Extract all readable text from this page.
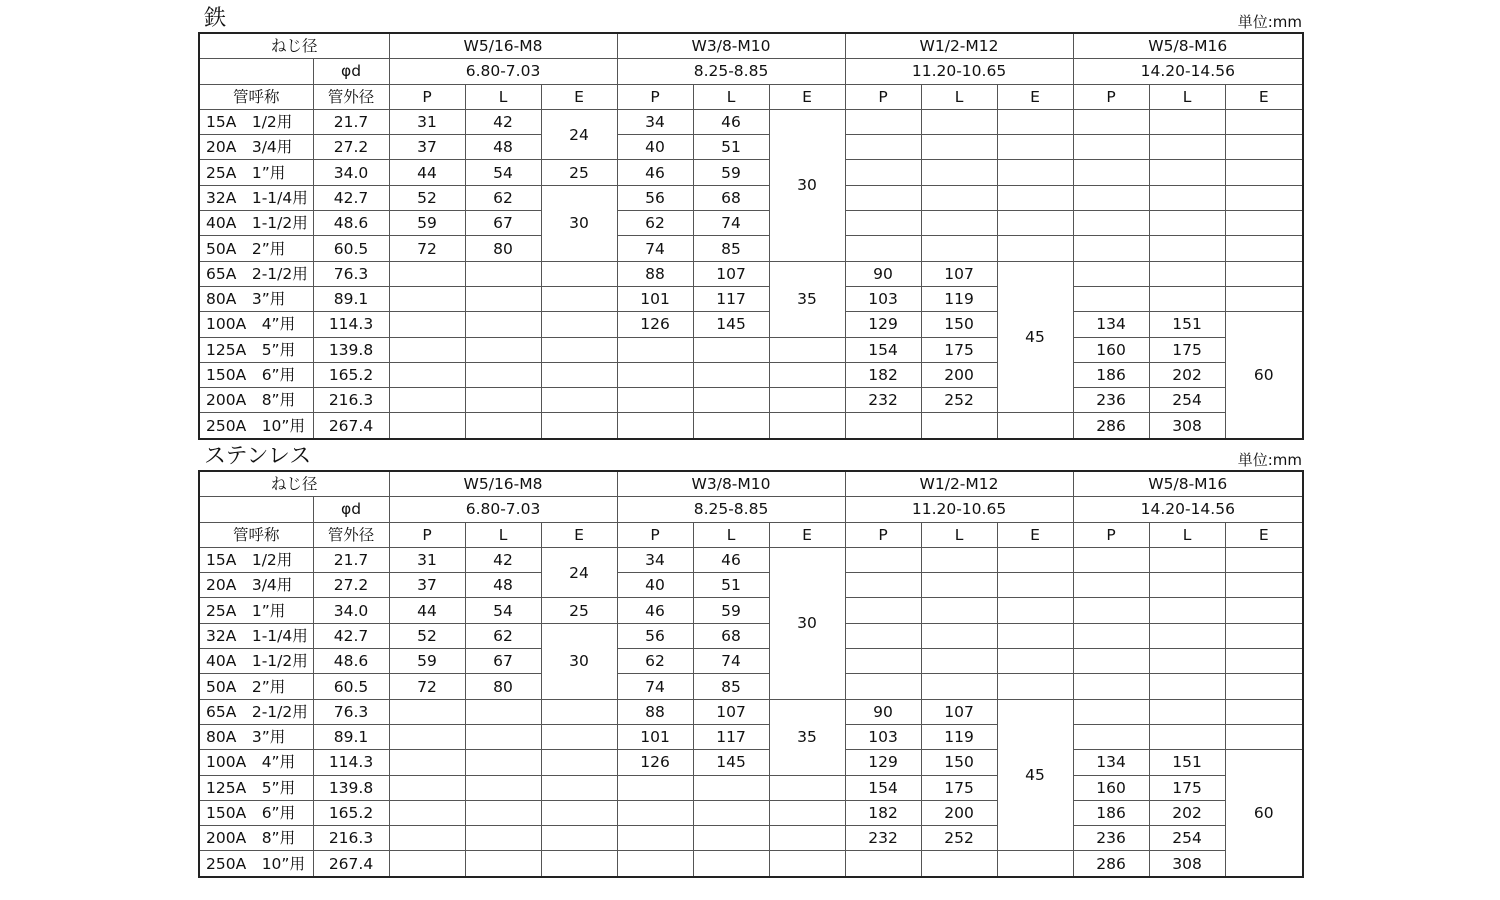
鉄	単位:mm
ねじ径		W5/16-M8			W3/8-M10			W1/2-M12			W5/8-M16		
	φd	6.80-7.03			8.25-8.85			11.20-10.65			14.20-14.56		
管呼称	管外径	P	L	E	P	L	E	P	L	E	P	L	E
15A　1/2用	21.7	31	42	24	34	46	30						
20A　3/4用	27.2	37	48		40	51							
25A　1”用	34.0	44	54	25	46	59							
32A　1-1/4用	42.7	52	62	30	56	68							
40A　1-1/2用	48.6	59	67		62	74							
50A　2”用	60.5	72	80		74	85							
65A　2-1/2用	76.3				88	107	35	90	107	45			
80A　3”用	89.1				101	117		103	119				
100A　4”用	114.3				126	145		129	150		134	151	60
125A　5”用	139.8							154	175		160	175	
150A　6”用	165.2							182	200		186	202	
200A　8”用	216.3							232	252		236	254	
250A　10”用	267.4										286	308	
ステンレス	単位:mm
ねじ径		W5/16-M8			W3/8-M10			W1/2-M12			W5/8-M16		
	φd	6.80-7.03			8.25-8.85			11.20-10.65			14.20-14.56		
管呼称	管外径	P	L	E	P	L	E	P	L	E	P	L	E
15A　1/2用	21.7	31	42	24	34	46	30						
20A　3/4用	27.2	37	48		40	51							
25A　1”用	34.0	44	54	25	46	59							
32A　1-1/4用	42.7	52	62	30	56	68							
40A　1-1/2用	48.6	59	67		62	74							
50A　2”用	60.5	72	80		74	85							
65A　2-1/2用	76.3				88	107	35	90	107	45			
80A　3”用	89.1				101	117		103	119				
100A　4”用	114.3				126	145		129	150		134	151	60
125A　5”用	139.8							154	175		160	175	
150A　6”用	165.2							182	200		186	202	
200A　8”用	216.3							232	252		236	254	
250A　10”用	267.4										286	308	
